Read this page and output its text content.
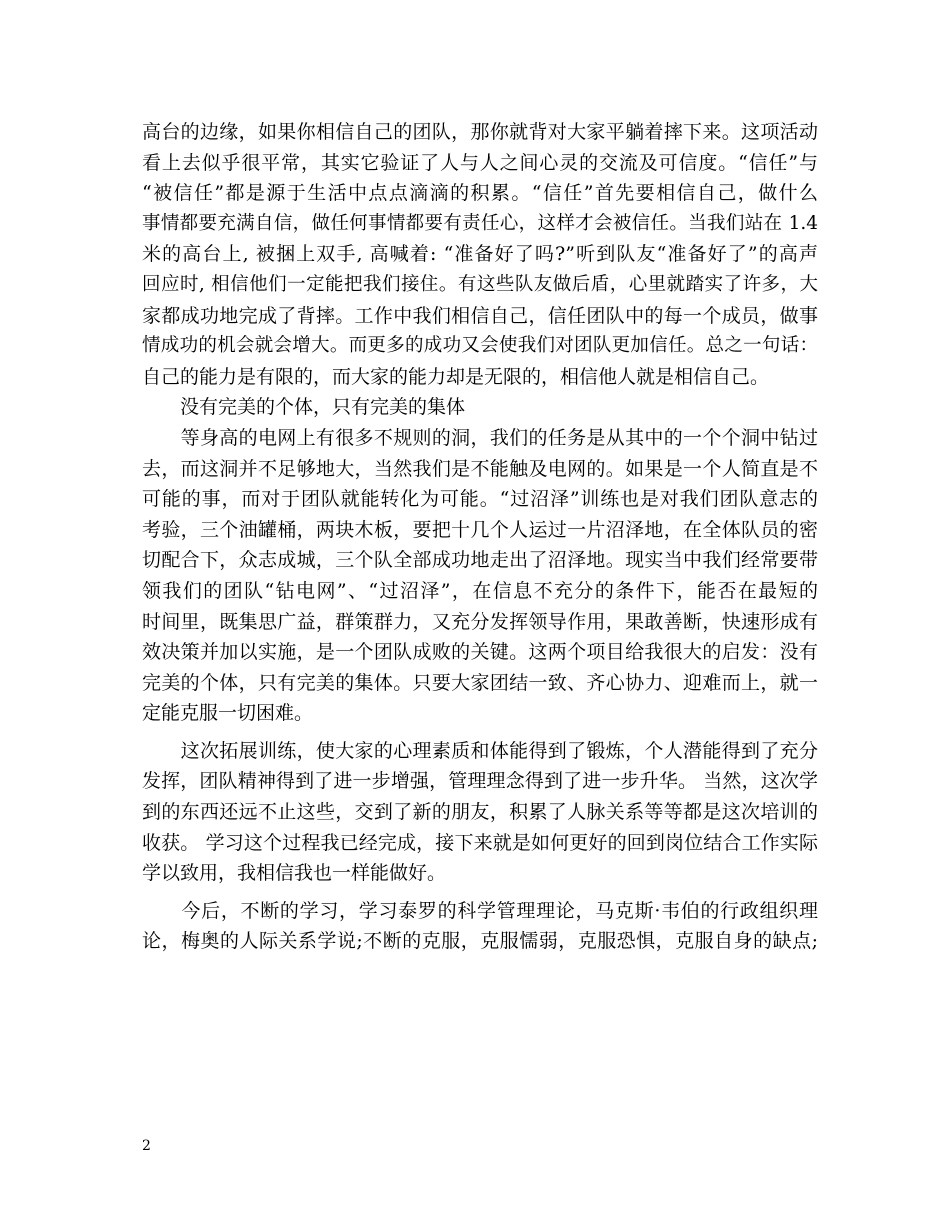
高台的边缘，如果你相信自己的团队，那你就背对大家平躺着摔下来。这项活动
看上去似乎很平常，其实它验证了人与人之间心灵的交流及可信度。“信任”与
“被信任”都是源于生活中点点滴滴的积累。“信任”首先要相信自己，做什么
事情都要充满自信，做任何事情都要有责任心，这样才会被信任。当我们站在 1.4
米的高台上, 被捆上双手, 高喊着: “准备好了吗?”听到队友“准备好了”的高声
回应时, 相信他们一定能把我们接住。有这些队友做后盾，心里就踏实了许多，大
家都成功地完成了背摔。工作中我们相信自己，信任团队中的每一个成员，做事
情成功的机会就会增大。而更多的成功又会使我们对团队更加信任。总之一句话：
自己的能力是有限的，而大家的能力却是无限的，相信他人就是相信自己。
　　没有完美的个体，只有完美的集体
　　等身高的电网上有很多不规则的洞，我们的任务是从其中的一个个洞中钻过
去，而这洞并不足够地大，当然我们是不能触及电网的。如果是一个人简直是不
可能的事，而对于团队就能转化为可能。“过沼泽”训练也是对我们团队意志的
考验，三个油罐桶，两块木板，要把十几个人运过一片沼泽地，在全体队员的密
切配合下，众志成城，三个队全部成功地走出了沼泽地。现实当中我们经常要带
领我们的团队“钻电网”、“过沼泽”，在信息不充分的条件下，能否在最短的
时间里，既集思广益，群策群力，又充分发挥领导作用，果敢善断，快速形成有
效决策并加以实施，是一个团队成败的关键。这两个项目给我很大的启发：没有
完美的个体，只有完美的集体。只要大家团结一致、齐心协力、迎难而上，就一
定能克服一切困难。
　　这次拓展训练，使大家的心理素质和体能得到了锻炼，个人潜能得到了充分
发挥，团队精神得到了进一步增强，管理理念得到了进一步升华。 当然，这次学
到的东西还远不止这些，交到了新的朋友，积累了人脉关系等等都是这次培训的
收获。 学习这个过程我已经完成，接下来就是如何更好的回到岗位结合工作实际
学以致用，我相信我也一样能做好。
　　今后，不断的学习，学习泰罗的科学管理理论，马克斯·韦伯的行政组织理
论，梅奥的人际关系学说;不断的克服，克服懦弱，克服恐惧，克服自身的缺点;
2
